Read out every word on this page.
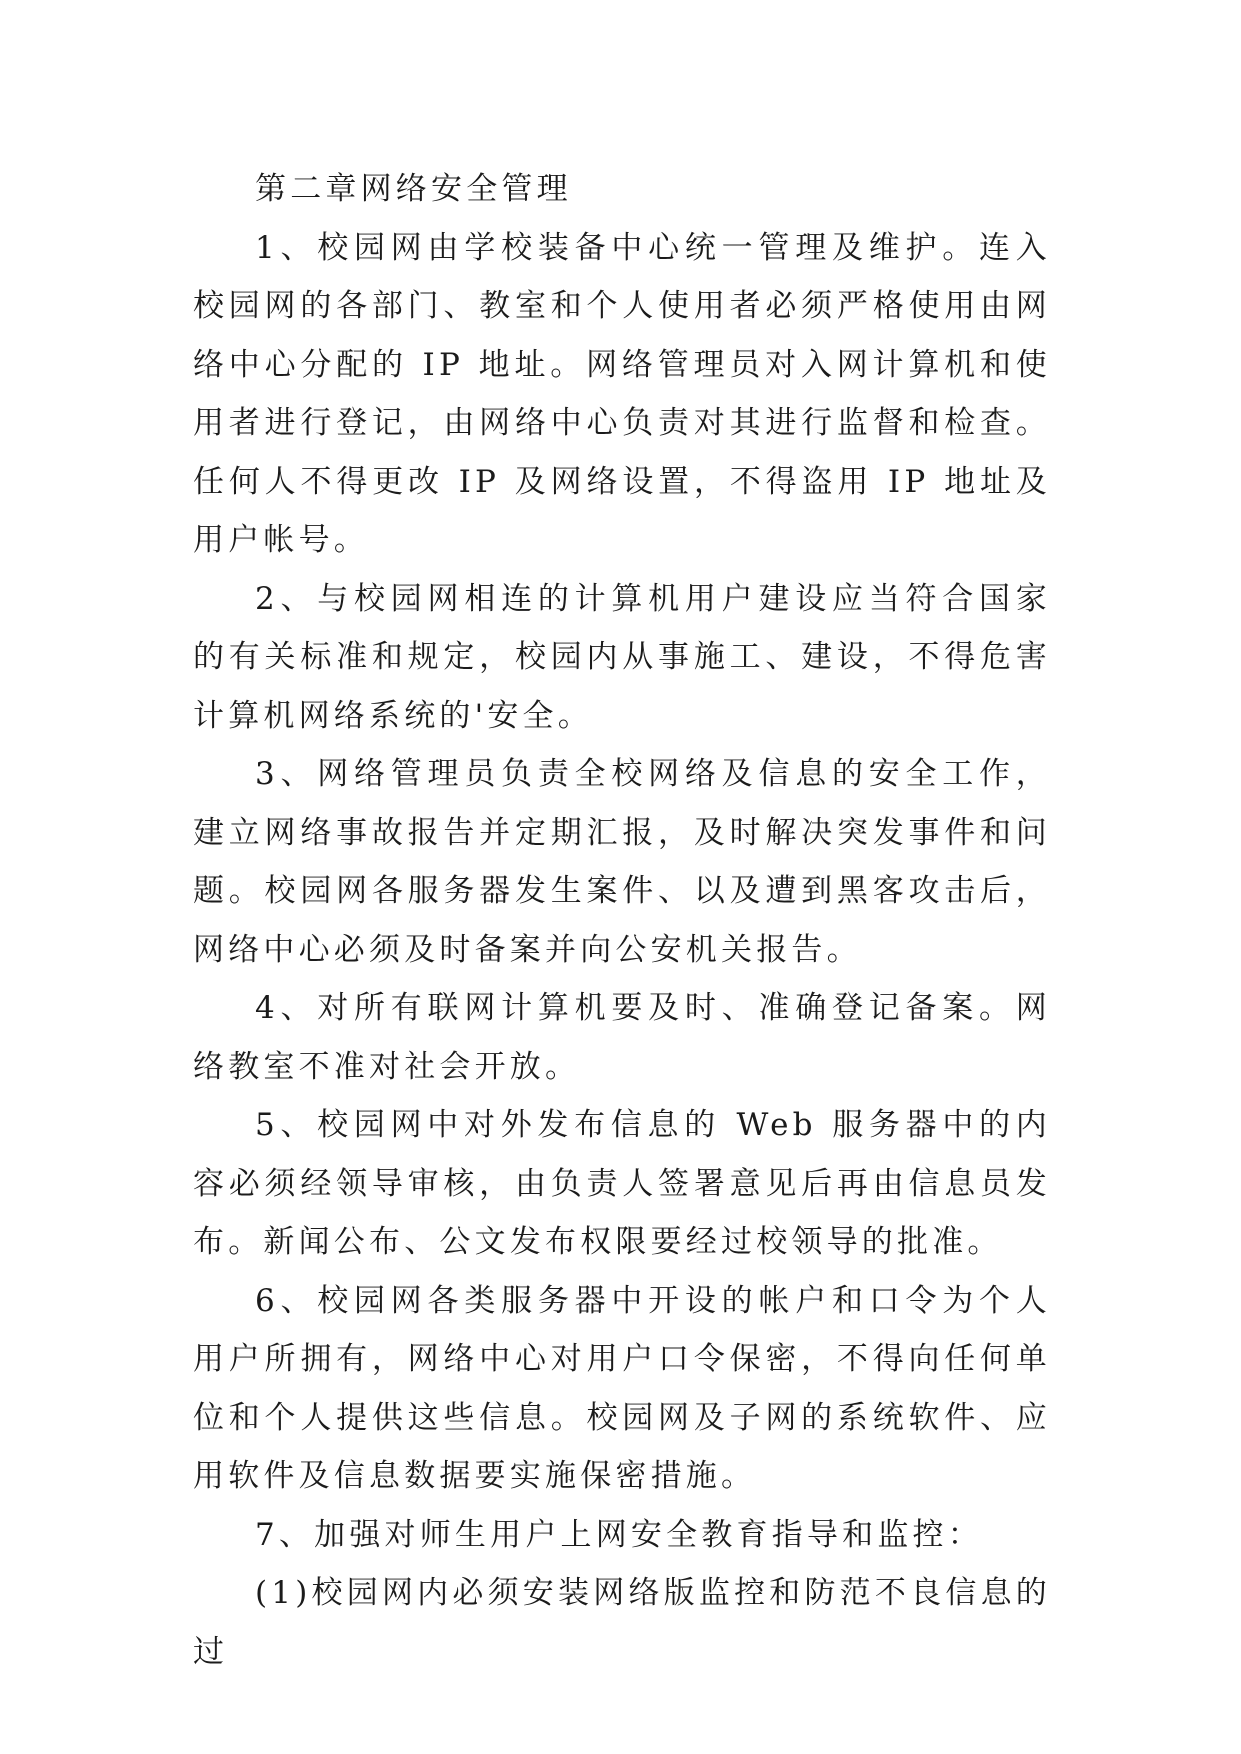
第二章网络安全管理

1、校园网由学校装备中心统一管理及维护。连入校园网的各部门、教室和个人使用者必须严格使用由网络中心分配的 IP 地址。网络管理员对入网计算机和使用者进行登记，由网络中心负责对其进行监督和检查。任何人不得更改 IP 及网络设置，不得盗用 IP 地址及用户帐号。

2、与校园网相连的计算机用户建设应当符合国家的有关标准和规定，校园内从事施工、建设，不得危害计算机网络系统的'安全。

3、网络管理员负责全校网络及信息的安全工作，建立网络事故报告并定期汇报，及时解决突发事件和问题。校园网各服务器发生案件、以及遭到黑客攻击后，网络中心必须及时备案并向公安机关报告。

4、对所有联网计算机要及时、准确登记备案。网络教室不准对社会开放。

5、校园网中对外发布信息的 Web 服务器中的内容必须经领导审核，由负责人签署意见后再由信息员发布。新闻公布、公文发布权限要经过校领导的批准。

6、校园网各类服务器中开设的帐户和口令为个人用户所拥有，网络中心对用户口令保密，不得向任何单位和个人提供这些信息。校园网及子网的系统软件、应用软件及信息数据要实施保密措施。

7、加强对师生用户上网安全教育指导和监控：

(1)校园网内必须安装网络版监控和防范不良信息的过
